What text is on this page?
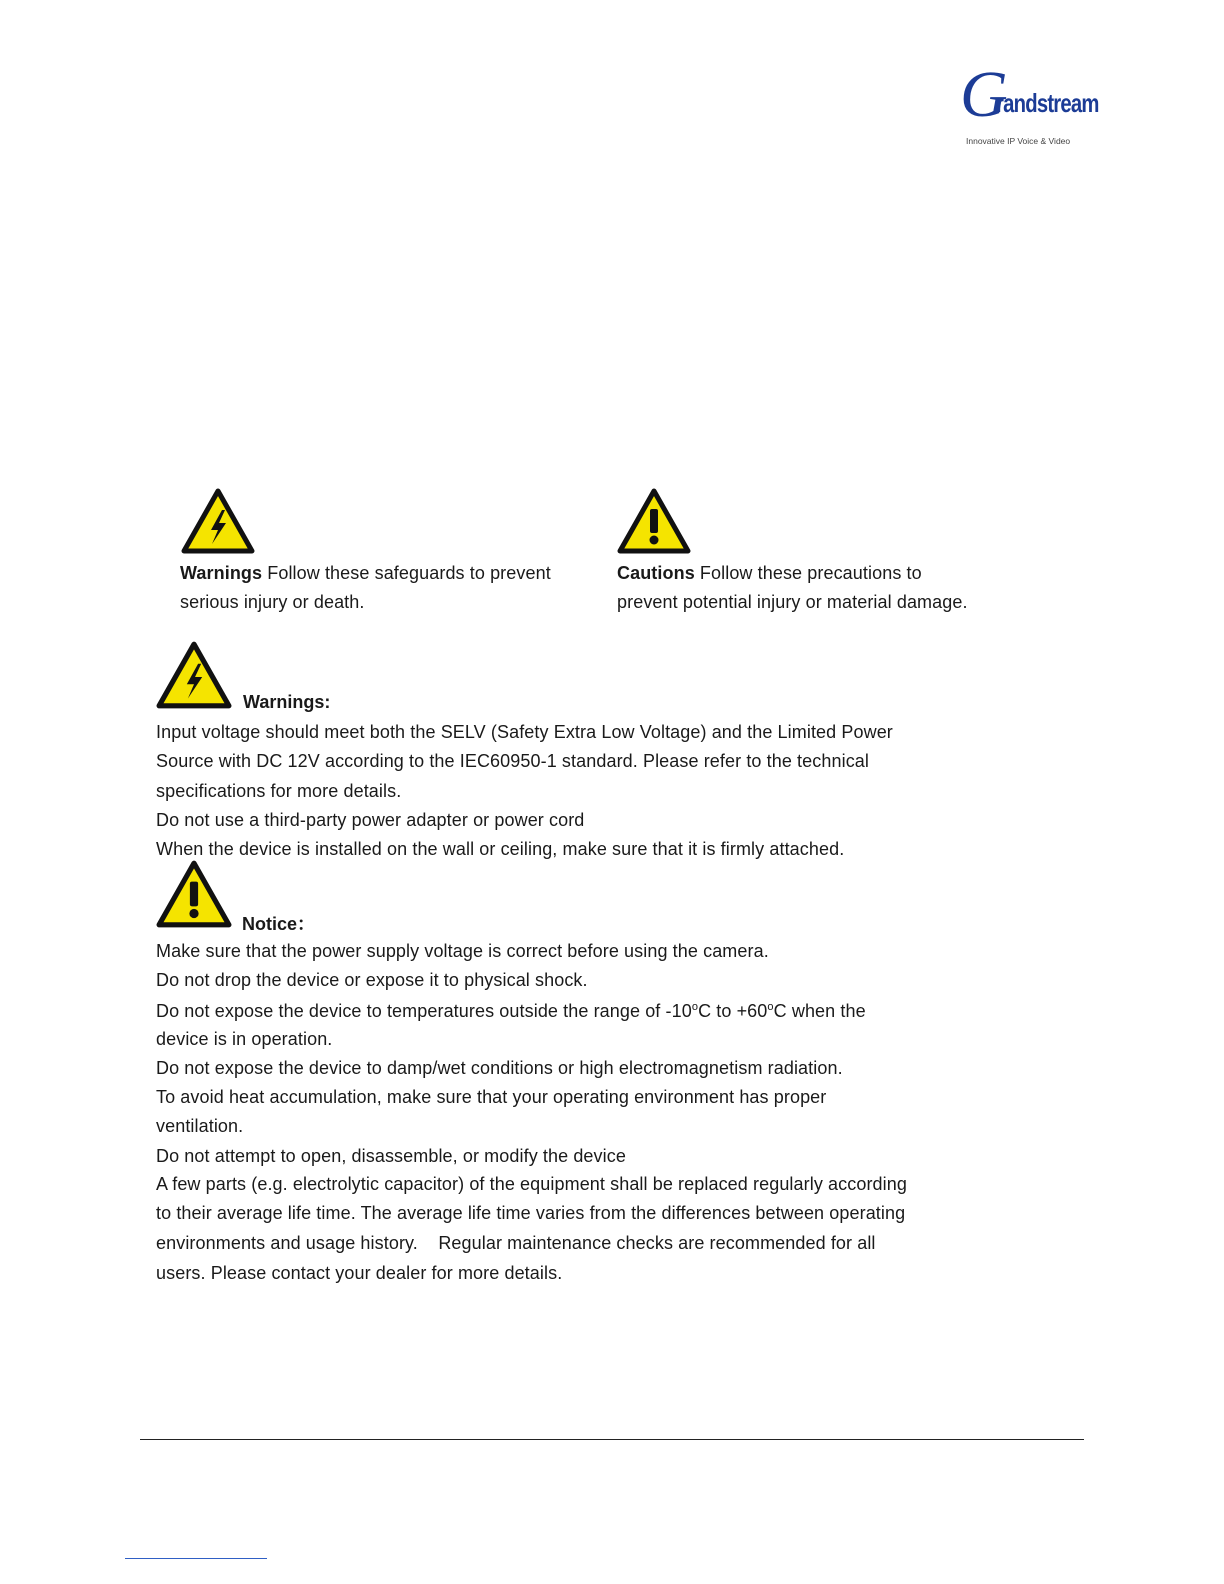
G
randstream
Innovative IP Voice & Video
Warnings Follow these safeguards to prevent serious injury or death.
Cautions Follow these precautions to prevent potential injury or material damage.
Warnings:
Input voltage should meet both the SELV (Safety Extra Low Voltage) and the Limited Power
Source with DC 12V according to the IEC60950-1 standard. Please refer to the technical
specifications for more details.
Do not use a third-party power adapter or power cord
When the device is installed on the wall or ceiling, make sure that it is firmly attached.
Notice：
Make sure that the power supply voltage is correct before using the camera.
Do not drop the device or expose it to physical shock.
Do not expose the device to temperatures outside the range of -10$^o$C to $+60^oC$ when the
device is in operation.
Do not expose the device to damp/wet conditions or high electromagnetism radiation.
To avoid heat accumulation, make sure that your operating environment has proper
ventilation.
Do not attempt to open, disassemble, or modify the device
A few parts (e.g. electrolytic capacitor) of the equipment shall be replaced regularly according
to their average life time. The average life time varies from the differences between operating
environments and usage history.    Regular maintenance checks are recommended for all
users. Please contact your dealer for more details.
